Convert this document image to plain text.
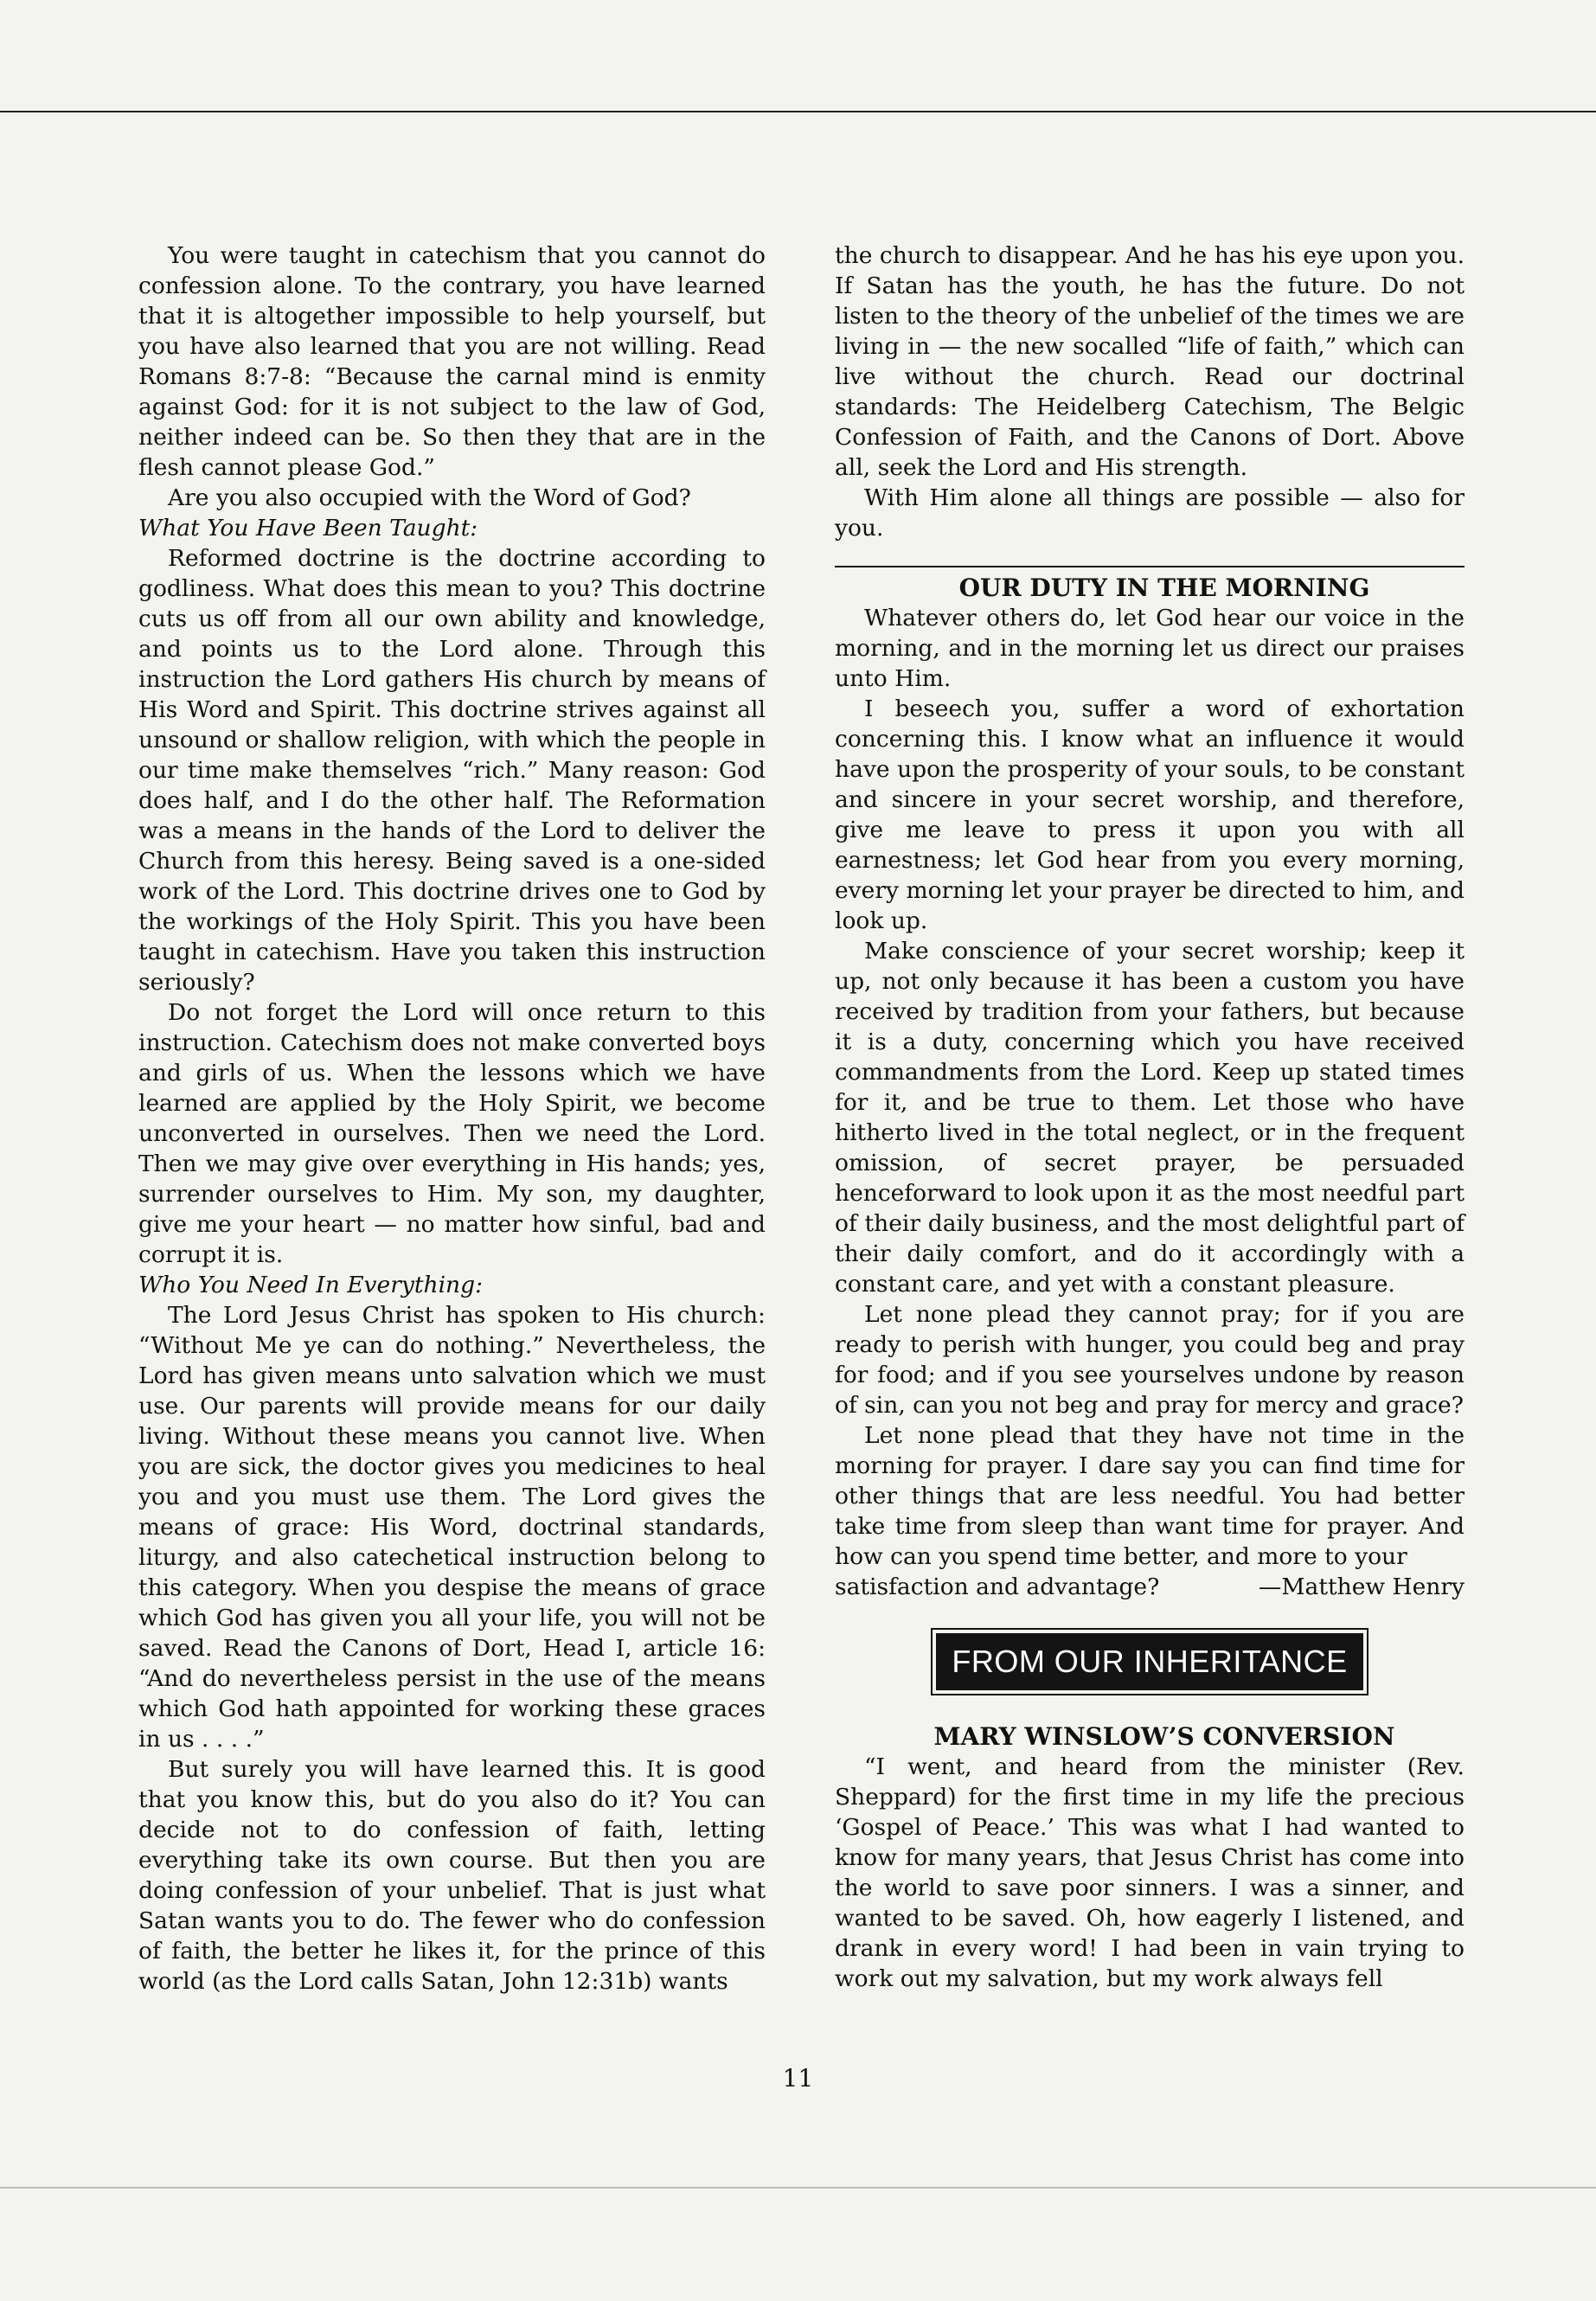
You were taught in catechism that you cannot do confession alone. To the contrary, you have learned that it is altogether impossible to help yourself, but you have also learned that you are not willing. Read Romans 8:7-8: “Because the carnal mind is enmity against God: for it is not subject to the law of God, neither indeed can be. So then they that are in the flesh cannot please God.”

Are you also occupied with the Word of God?

What You Have Been Taught:

Reformed doctrine is the doctrine according to godliness. What does this mean to you? This doctrine cuts us off from all our own ability and knowledge, and points us to the Lord alone. Through this instruction the Lord gathers His church by means of His Word and Spirit. This doctrine strives against all unsound or shallow religion, with which the people in our time make themselves “rich.” Many reason: God does half, and I do the other half. The Reformation was a means in the hands of the Lord to deliver the Church from this heresy. Being saved is a one-sided work of the Lord. This doctrine drives one to God by the workings of the Holy Spirit. This you have been taught in catechism. Have you taken this instruction seriously?

Do not forget the Lord will once return to this instruction. Catechism does not make converted boys and girls of us. When the lessons which we have learned are applied by the Holy Spirit, we become unconverted in ourselves. Then we need the Lord. Then we may give over everything in His hands; yes, surrender ourselves to Him. My son, my daughter, give me your heart — no matter how sinful, bad and corrupt it is.

Who You Need In Everything:

The Lord Jesus Christ has spoken to His church: “Without Me ye can do nothing.” Nevertheless, the Lord has given means unto salvation which we must use. Our parents will provide means for our daily living. Without these means you cannot live. When you are sick, the doctor gives you medicines to heal you and you must use them. The Lord gives the means of grace: His Word, doctrinal standards, liturgy, and also catechetical instruction belong to this category. When you despise the means of grace which God has given you all your life, you will not be saved. Read the Canons of Dort, Head I, article 16: “And do nevertheless persist in the use of the means which God hath appointed for working these graces in us . . . .”

But surely you will have learned this. It is good that you know this, but do you also do it? You can decide not to do confession of faith, letting everything take its own course. But then you are doing confession of your unbelief. That is just what Satan wants you to do. The fewer who do confession of faith, the better he likes it, for the prince of this world (as the Lord calls Satan, John 12:31b) wants

the church to disappear. And he has his eye upon you. If Satan has the youth, he has the future. Do not listen to the theory of the unbelief of the times we are living in — the new socalled “life of faith,” which can live without the church. Read our doctrinal standards: The Heidelberg Catechism, The Belgic Confession of Faith, and the Canons of Dort. Above all, seek the Lord and His strength.

With Him alone all things are possible — also for you.

OUR DUTY IN THE MORNING

Whatever others do, let God hear our voice in the morning, and in the morning let us direct our praises unto Him.

I beseech you, suffer a word of exhortation concerning this. I know what an influence it would have upon the prosperity of your souls, to be constant and sincere in your secret worship, and therefore, give me leave to press it upon you with all earnestness; let God hear from you every morning, every morning let your prayer be directed to him, and look up.

Make conscience of your secret worship; keep it up, not only because it has been a custom you have received by tradition from your fathers, but because it is a duty, concerning which you have received commandments from the Lord. Keep up stated times for it, and be true to them. Let those who have hitherto lived in the total neglect, or in the frequent omission, of secret prayer, be persuaded henceforward to look upon it as the most needful part of their daily business, and the most delightful part of their daily comfort, and do it accordingly with a constant care, and yet with a constant pleasure.

Let none plead they cannot pray; for if you are ready to perish with hunger, you could beg and pray for food; and if you see yourselves undone by reason of sin, can you not beg and pray for mercy and grace?

Let none plead that they have not time in the morning for prayer. I dare say you can find time for other things that are less needful. You had better take time from sleep than want time for prayer. And how can you spend time better, and more to your

satisfaction and advantage?	—Matthew Henry
FROM OUR INHERITANCE

MARY WINSLOW’S CONVERSION

“I went, and heard from the minister (Rev. Sheppard) for the first time in my life the precious ‘Gospel of Peace.’ This was what I had wanted to know for many years, that Jesus Christ has come into the world to save poor sinners. I was a sinner, and wanted to be saved. Oh, how eagerly I listened, and drank in every word! I had been in vain trying to work out my salvation, but my work always fell

11
